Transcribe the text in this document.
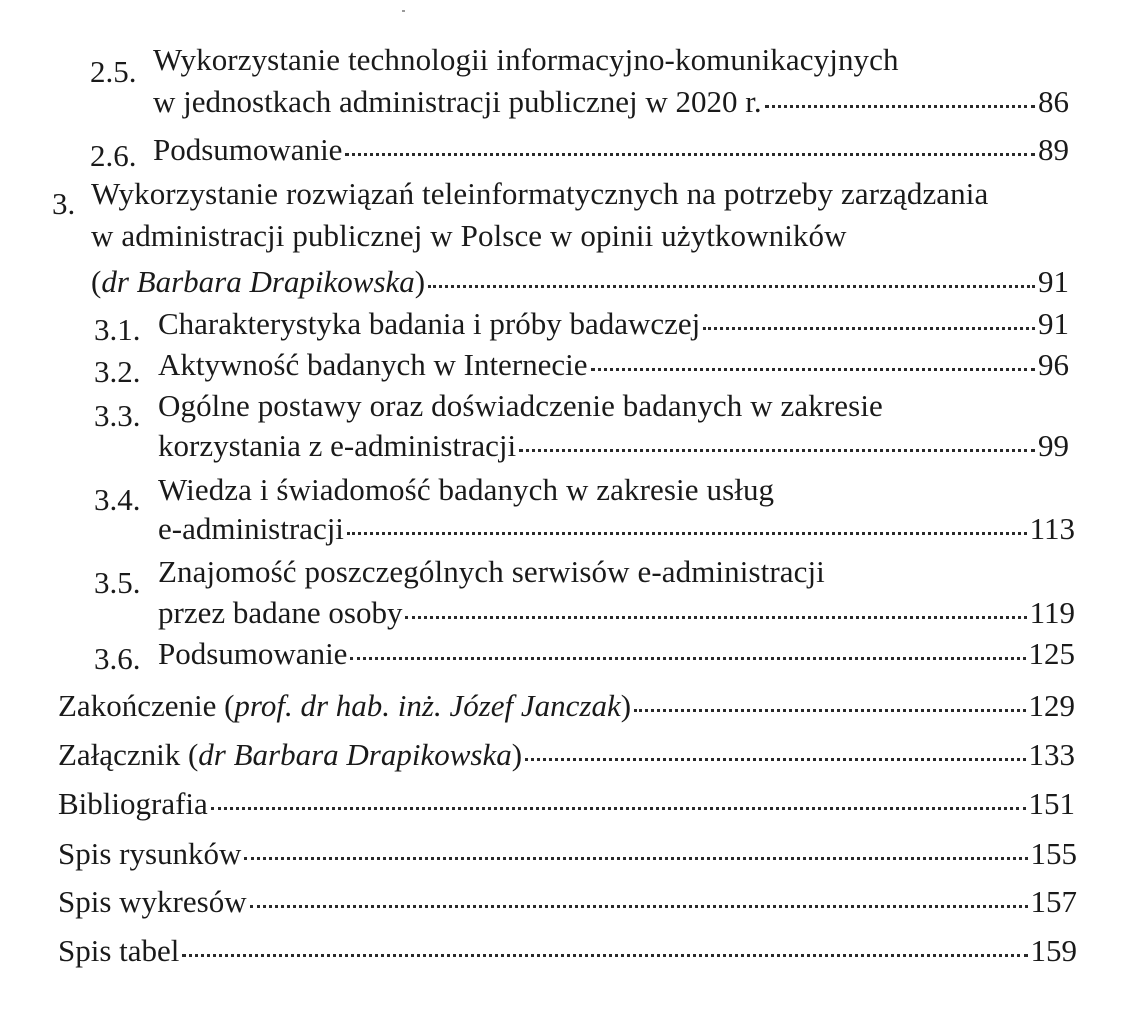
2.5. Wykorzystanie technologii informacyjno-komunikacyjnych
w jednostkach administracji publicznej w 2020 r.	86
2.6. Podsumowanie	89
3. Wykorzystanie rozwiązań teleinformatycznych na potrzeby zarządzania
w administracji publicznej w Polsce w opinii użytkowników
(dr Barbara Drapikowska)	91
3.1. Charakterystyka badania i próby badawczej	91
3.2. Aktywność badanych w Internecie	96
3.3. Ogólne postawy oraz doświadczenie badanych w zakresie
korzystania z e-administracji	99
3.4. Wiedza i świadomość badanych w zakresie usług
e-administracji	113
3.5. Znajomość poszczególnych serwisów e-administracji
przez badane osoby	119
3.6. Podsumowanie	125
Zakończenie (prof. dr hab. inż. Józef Janczak)	129
Załącznik (dr Barbara Drapikowska)	133
Bibliografia	151
Spis rysunków	155
Spis wykresów	157
Spis tabel	159
